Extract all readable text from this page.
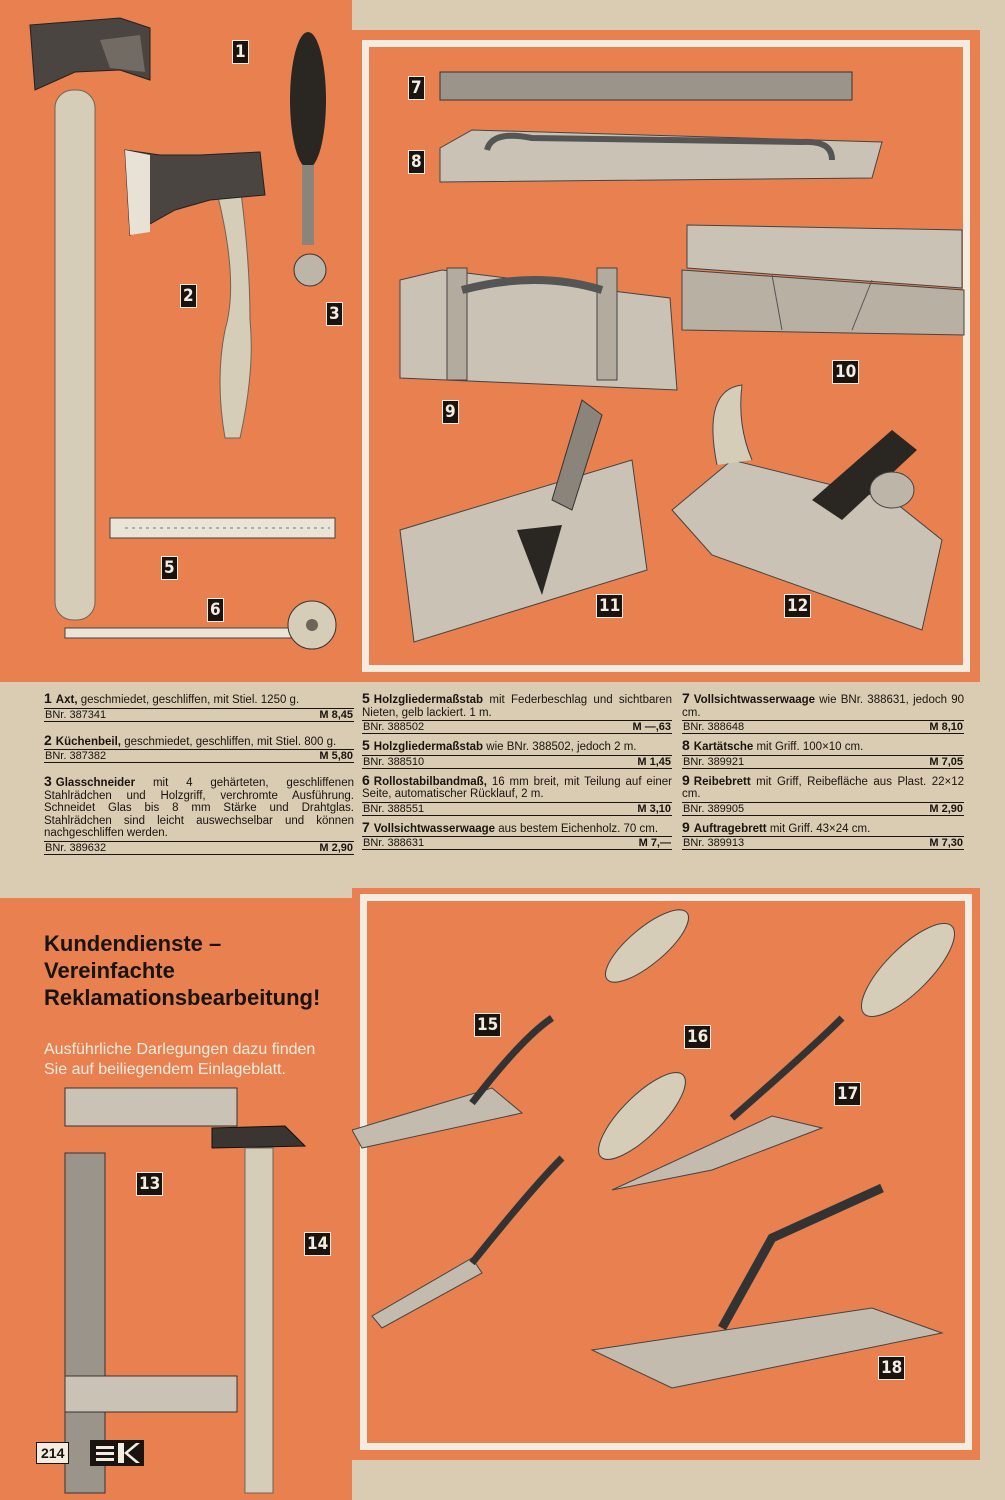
1
2
3
5
6
7
8
9
10
11	12
1 Axt, geschmiedet, geschliffen, mit Stiel. 1250 g.
BNr. 387341	M 8,45
2 Küchenbeil, geschmiedet, geschliffen, mit Stiel. 800 g.
BNr. 387382	M 5,80
3 Glasschneider mit 4 gehärteten, geschliffenen Stahlrädchen und Holzgriff, verchromte Ausführung. Schneidet Glas bis 8 mm Stärke und Drahtglas. Stahlrädchen sind leicht auswechselbar und können nachgeschliffen werden.
BNr. 389632	M 2,90
5 Holzgliedermaßstab mit Federbeschlag und sichtbaren Nieten, gelb lackiert. 1 m.
BNr. 388502	M —,63
5 Holzgliedermaßstab wie BNr. 388502, jedoch 2 m.
BNr. 388510	M 1,45
6 Rollostabilbandmaß, 16 mm breit, mit Teilung auf einer Seite, automatischer Rücklauf, 2 m.
BNr. 388551	M 3,10
7 Vollsichtwasserwaage aus bestem Eichenholz. 70 cm.
BNr. 388631	M 7,—
7 Vollsichtwasserwaage wie BNr. 388631, jedoch 90 cm.
BNr. 388648	M 8,10
8 Kartätsche mit Griff. 100×10 cm.
BNr. 389921	M 7,05
9 Reibebrett mit Griff, Reibefläche aus Plast. 22×12 cm.
BNr. 389905	M 2,90
9 Auftragebrett mit Griff. 43×24 cm.
BNr. 389913	M 7,30
13
14
Kundendienste – Vereinfachte Reklamationsbearbeitung!
Ausführliche Darlegungen dazu finden Sie auf beiliegendem Einlageblatt.
15
16
17
18
214
